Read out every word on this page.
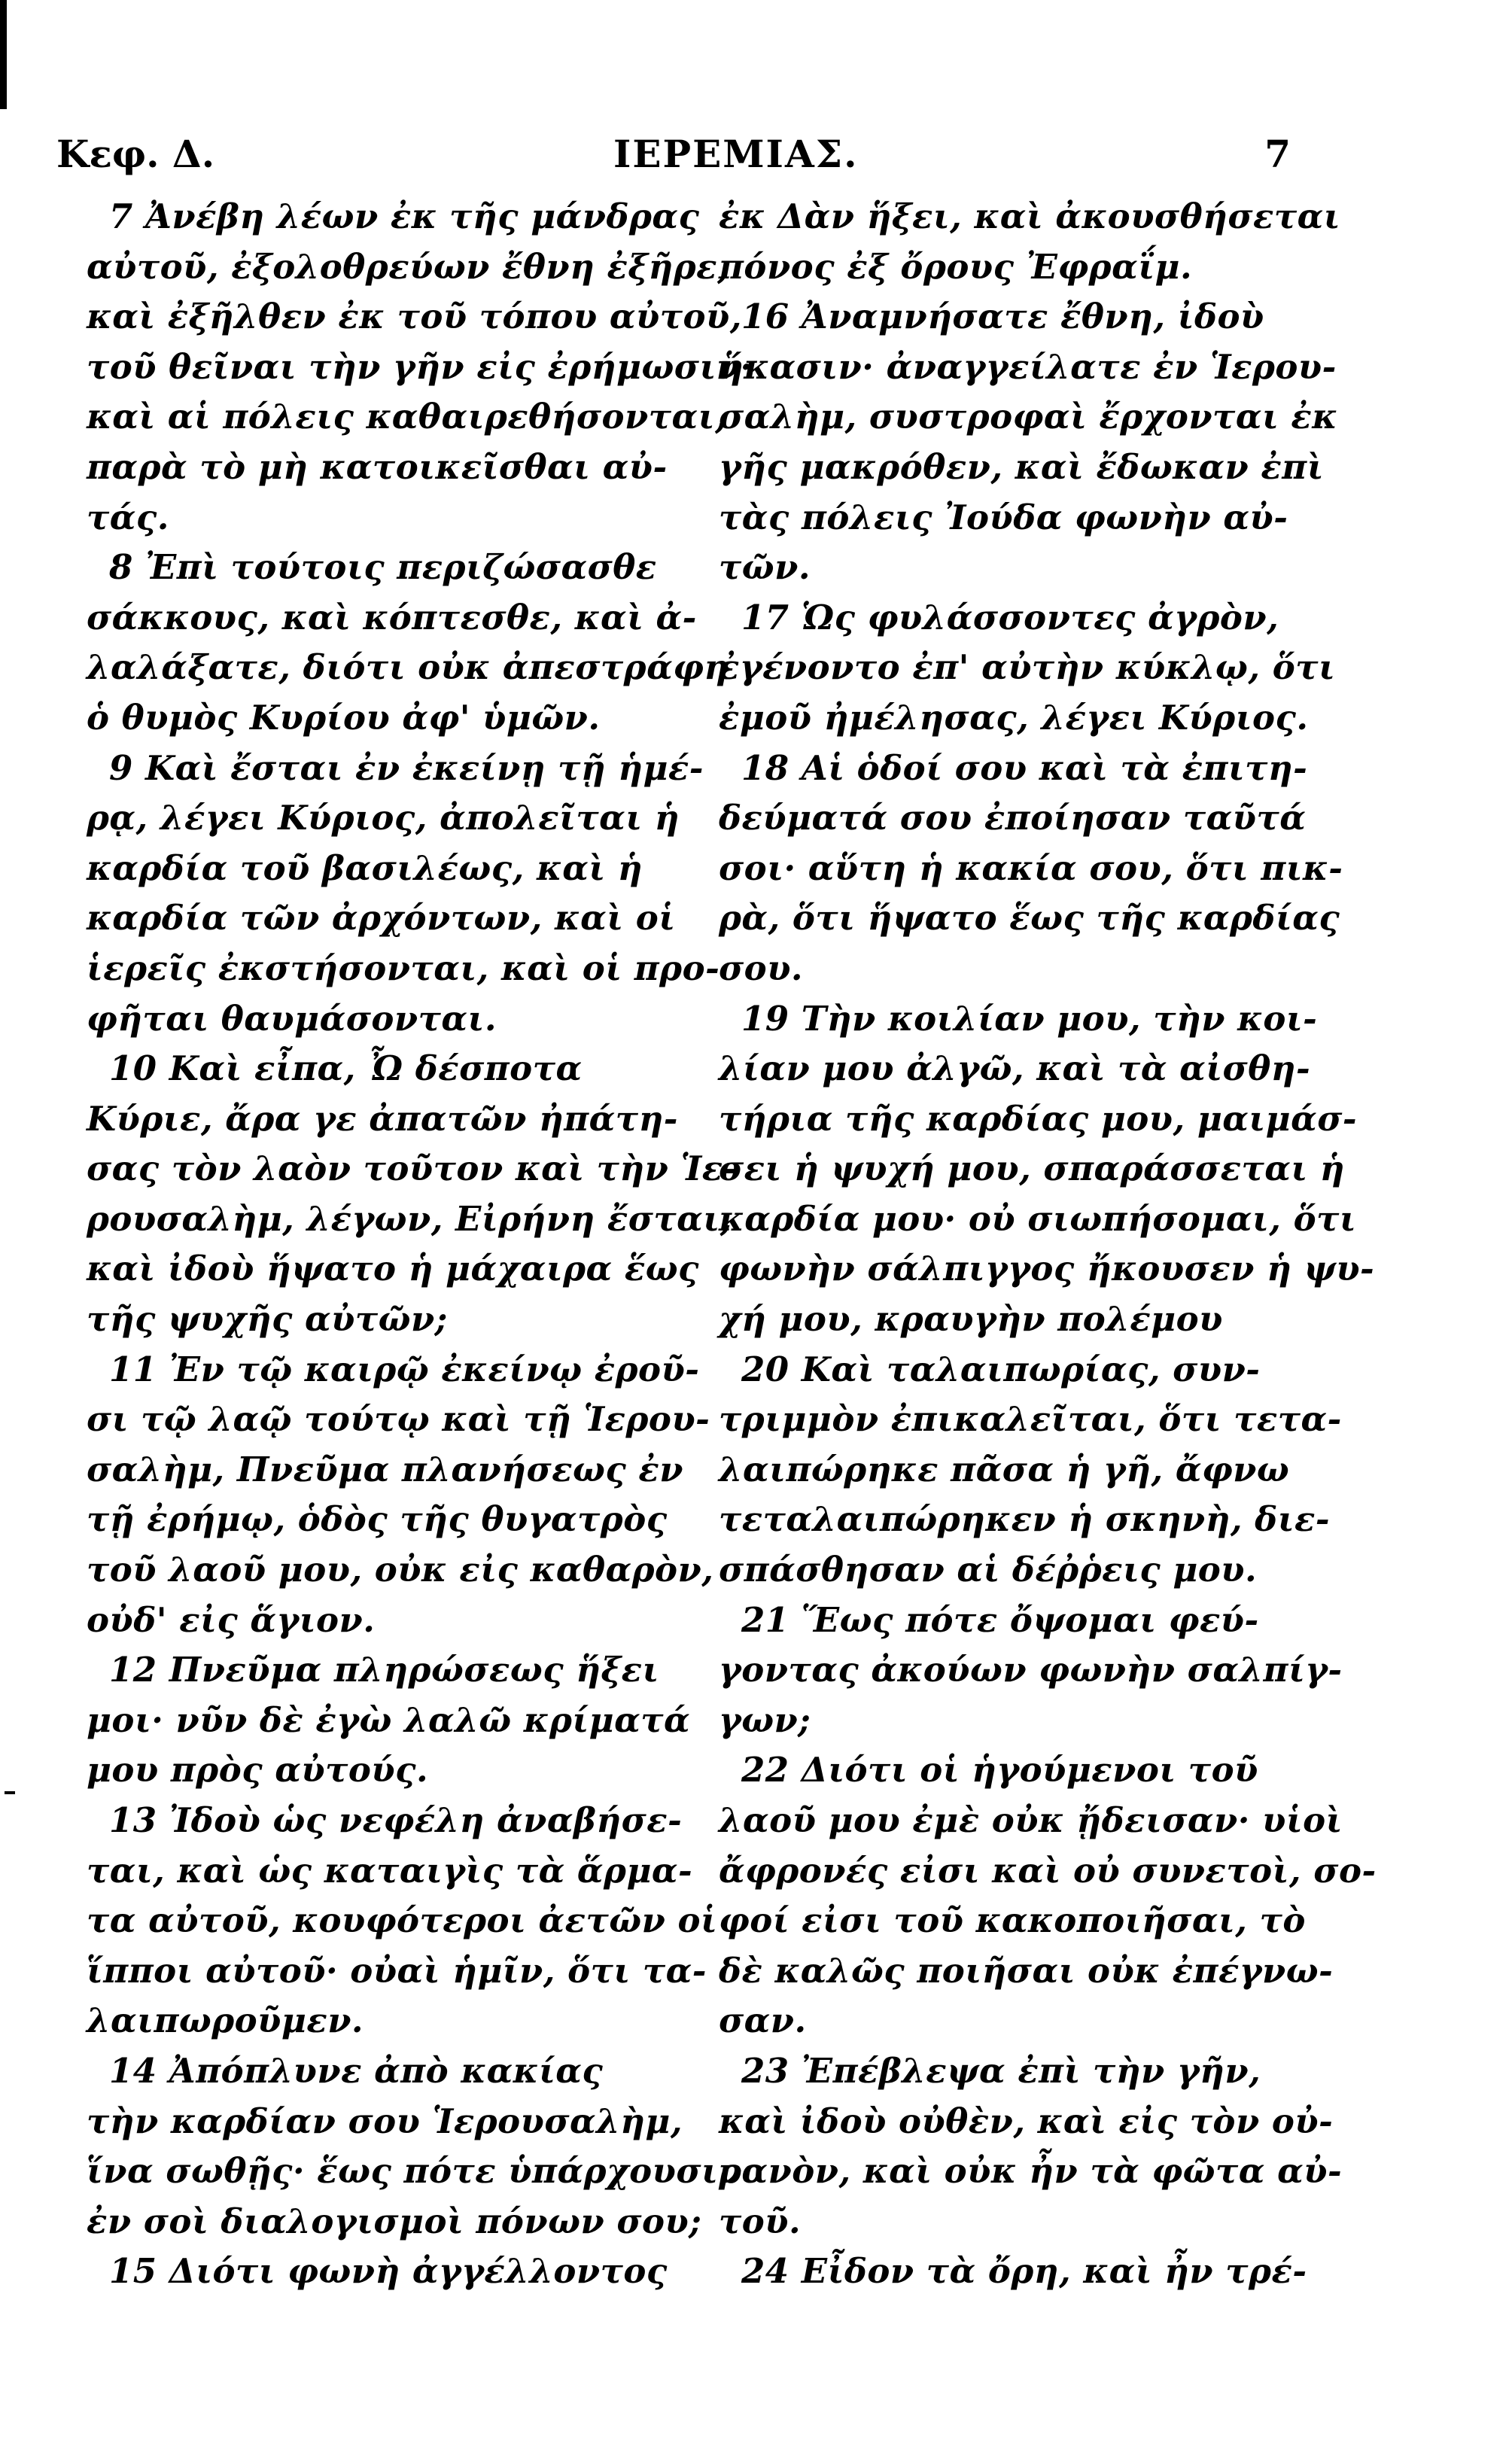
Κεφ. Δ.	ΙΕΡΕΜΙΑΣ.	7
7 Ἀνέβη λέων ἐκ τῆς μάνδρας
αὐτοῦ, ἐξολοθρεύων ἔθνη ἐξῆρε,
καὶ ἐξῆλθεν ἐκ τοῦ τόπου αὐτοῦ,
τοῦ θεῖναι τὴν γῆν εἰς ἐρήμωσιν·
καὶ αἱ πόλεις καθαιρεθήσονται,
παρὰ τὸ μὴ κατοικεῖσθαι αὐ-
τάς.
8 Ἐπὶ τούτοις περιζώσασθε
σάκκους, καὶ κόπτεσθε, καὶ ἀ-
λαλάξατε, διότι οὐκ ἀπεστράφη
ὁ θυμὸς Κυρίου ἀφ' ὑμῶν.
9 Καὶ ἔσται ἐν ἐκείνῃ τῇ ἡμέ-
ρᾳ, λέγει Κύριος, ἀπολεῖται ἡ
καρδία τοῦ βασιλέως, καὶ ἡ
καρδία τῶν ἀρχόντων, καὶ οἱ
ἱερεῖς ἐκστήσονται, καὶ οἱ προ-
φῆται θαυμάσονται.
10 Καὶ εἶπα, Ὦ δέσποτα
Κύριε, ἄρα γε ἀπατῶν ἠπάτη-
σας τὸν λαὸν τοῦτον καὶ τὴν Ἱε-
ρουσαλὴμ, λέγων, Εἰρήνη ἔσται,
καὶ ἰδοὺ ἥψατο ἡ μάχαιρα ἕως
τῆς ψυχῆς αὐτῶν;
11 Ἐν τῷ καιρῷ ἐκείνῳ ἐροῦ-
σι τῷ λαῷ τούτῳ καὶ τῇ Ἱερου-
σαλὴμ, Πνεῦμα πλανήσεως ἐν
τῇ ἐρήμῳ, ὁδὸς τῆς θυγατρὸς
τοῦ λαοῦ μου, οὐκ εἰς καθαρὸν,
οὐδ' εἰς ἅγιον.
12 Πνεῦμα πληρώσεως ἥξει
μοι· νῦν δὲ ἐγὼ λαλῶ κρίματά
μου πρὸς αὐτούς.
13 Ἰδοὺ ὡς νεφέλη ἀναβήσε-
ται, καὶ ὡς καταιγὶς τὰ ἅρμα-
τα αὐτοῦ, κουφότεροι ἀετῶν οἱ
ἵπποι αὐτοῦ· οὐαὶ ἡμῖν, ὅτι τα-
λαιπωροῦμεν.
14 Ἀπόπλυνε ἀπὸ κακίας
τὴν καρδίαν σου Ἱερουσαλὴμ,
ἵνα σωθῇς· ἕως πότε ὑπάρχουσιν
ἐν σοὶ διαλογισμοὶ πόνων σου;
15 Διότι φωνὴ ἀγγέλλοντος
ἐκ Δὰν ἥξει, καὶ ἀκουσθήσεται
πόνος ἐξ ὄρους Ἐφραΐμ.
16 Ἀναμνήσατε ἔθνη, ἰδοὺ
ἥκασιν· ἀναγγείλατε ἐν Ἱερου-
σαλὴμ, συστροφαὶ ἔρχονται ἐκ
γῆς μακρόθεν, καὶ ἔδωκαν ἐπὶ
τὰς πόλεις Ἰούδα φωνὴν αὐ-
τῶν.
17 Ὡς φυλάσσοντες ἀγρὸν,
ἐγένοντο ἐπ' αὐτὴν κύκλῳ, ὅτι
ἐμοῦ ἠμέλησας, λέγει Κύριος.
18 Αἱ ὁδοί σου καὶ τὰ ἐπιτη-
δεύματά σου ἐποίησαν ταῦτά
σοι· αὕτη ἡ κακία σου, ὅτι πικ-
ρὰ, ὅτι ἥψατο ἕως τῆς καρδίας
σου.
19 Τὴν κοιλίαν μου, τὴν κοι-
λίαν μου ἀλγῶ, καὶ τὰ αἰσθη-
τήρια τῆς καρδίας μου, μαιμάσ-
σει ἡ ψυχή μου, σπαράσσεται ἡ
καρδία μου· οὐ σιωπήσομαι, ὅτι
φωνὴν σάλπιγγος ἤκουσεν ἡ ψυ-
χή μου, κραυγὴν πολέμου
20 Καὶ ταλαιπωρίας, συν-
τριμμὸν ἐπικαλεῖται, ὅτι τετα-
λαιπώρηκε πᾶσα ἡ γῆ, ἄφνω
τεταλαιπώρηκεν ἡ σκηνὴ, διε-
σπάσθησαν αἱ δέῤῥεις μου.
21 Ἕως πότε ὄψομαι φεύ-
γοντας ἀκούων φωνὴν σαλπίγ-
γων;
22 Διότι οἱ ἡγούμενοι τοῦ
λαοῦ μου ἐμὲ οὐκ ᾔδεισαν· υἱοὶ
ἄφρονές εἰσι καὶ οὐ συνετοὶ, σο-
φοί εἰσι τοῦ κακοποιῆσαι, τὸ
δὲ καλῶς ποιῆσαι οὐκ ἐπέγνω-
σαν.
23 Ἐπέβλεψα ἐπὶ τὴν γῆν,
καὶ ἰδοὺ οὐθὲν, καὶ εἰς τὸν οὐ-
ρανὸν, καὶ οὐκ ἦν τὰ φῶτα αὐ-
τοῦ.
24 Εἶδον τὰ ὄρη, καὶ ἦν τρέ-
